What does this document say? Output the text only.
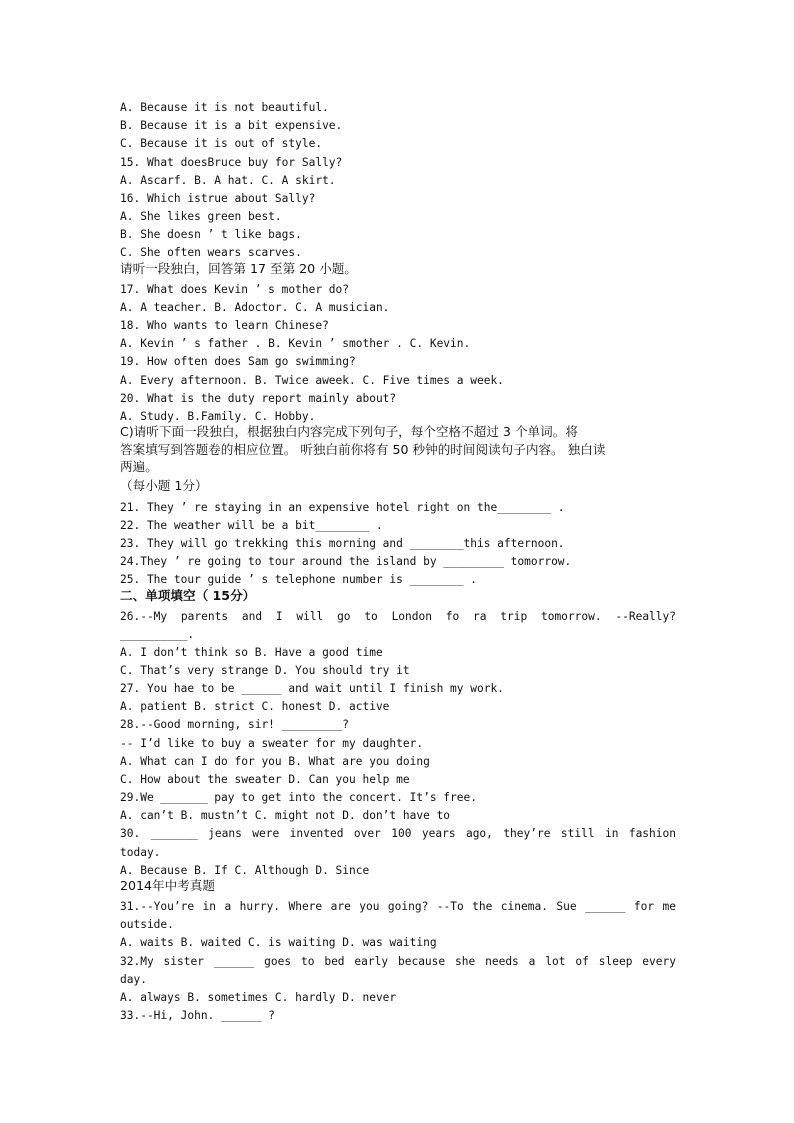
A. Because it is not beautiful.
B. Because it is a bit expensive.
C. Because it is out of style.
15. What doesBruce buy for Sally?
A. Ascarf. B. A hat. C. A skirt.
16. Which istrue about Sally?
A. She likes green best.
B. She doesn ’ t like bags.
C. She often wears scarves.
请听一段独白，回答第 17 至第 20 小题。
17. What does Kevin ’ s mother do?
A. A teacher. B. Adoctor. C. A musician.
18. Who wants to learn Chinese?
A. Kevin ’ s father . B. Kevin ’ smother . C. Kevin.
19. How often does Sam go swimming?
A. Every afternoon. B. Twice aweek. C. Five times a week.
20. What is the duty report mainly about?
A. Study. B.Family. C. Hobby.
C)请听下面一段独白，根据独白内容完成下列句子，每个空格不超过 3 个单词。将
答案填写到答题卷的相应位置。 听独白前你将有 50 秒钟的时间阅读句子内容。 独白读
两遍。
（每小题 1分）
21. They ’ re staying in an expensive hotel right on the________ .
22. The weather will be a bit________ .
23. They will go trekking this morning and ________this afternoon.
24.They ’ re going to tour around the island by _________ tomorrow.
25. The tour guide ’ s telephone number is ________ .
二、单项填空（ 15分）
26.--My parents and I will go to London fo ra trip tomorrow. --Really?
__________.
A. I don’t think so B. Have a good time
C. That’s very strange D. You should try it
27. You hae to be ______ and wait until I finish my work.
A. patient B. strict C. honest D. active
28.--Good morning, sir! _________?
-- I’d like to buy a sweater for my daughter.
A. What can I do for you B. What are you doing
C. How about the sweater D. Can you help me
29.We _______ pay to get into the concert. It’s free.
A. can’t B. mustn’t C. might not D. don’t have to
30. _______ jeans were invented over 100 years ago, they’re still in fashion
today.
A. Because B. If C. Although D. Since
2014年中考真题
31.--You’re in a hurry. Where are you going? --To the cinema. Sue ______ for me
outside.
A. waits B. waited C. is waiting D. was waiting
32.My sister ______ goes to bed early because she needs a lot of sleep every
day.
A. always B. sometimes C. hardly D. never
33.--Hi, John. ______ ?
